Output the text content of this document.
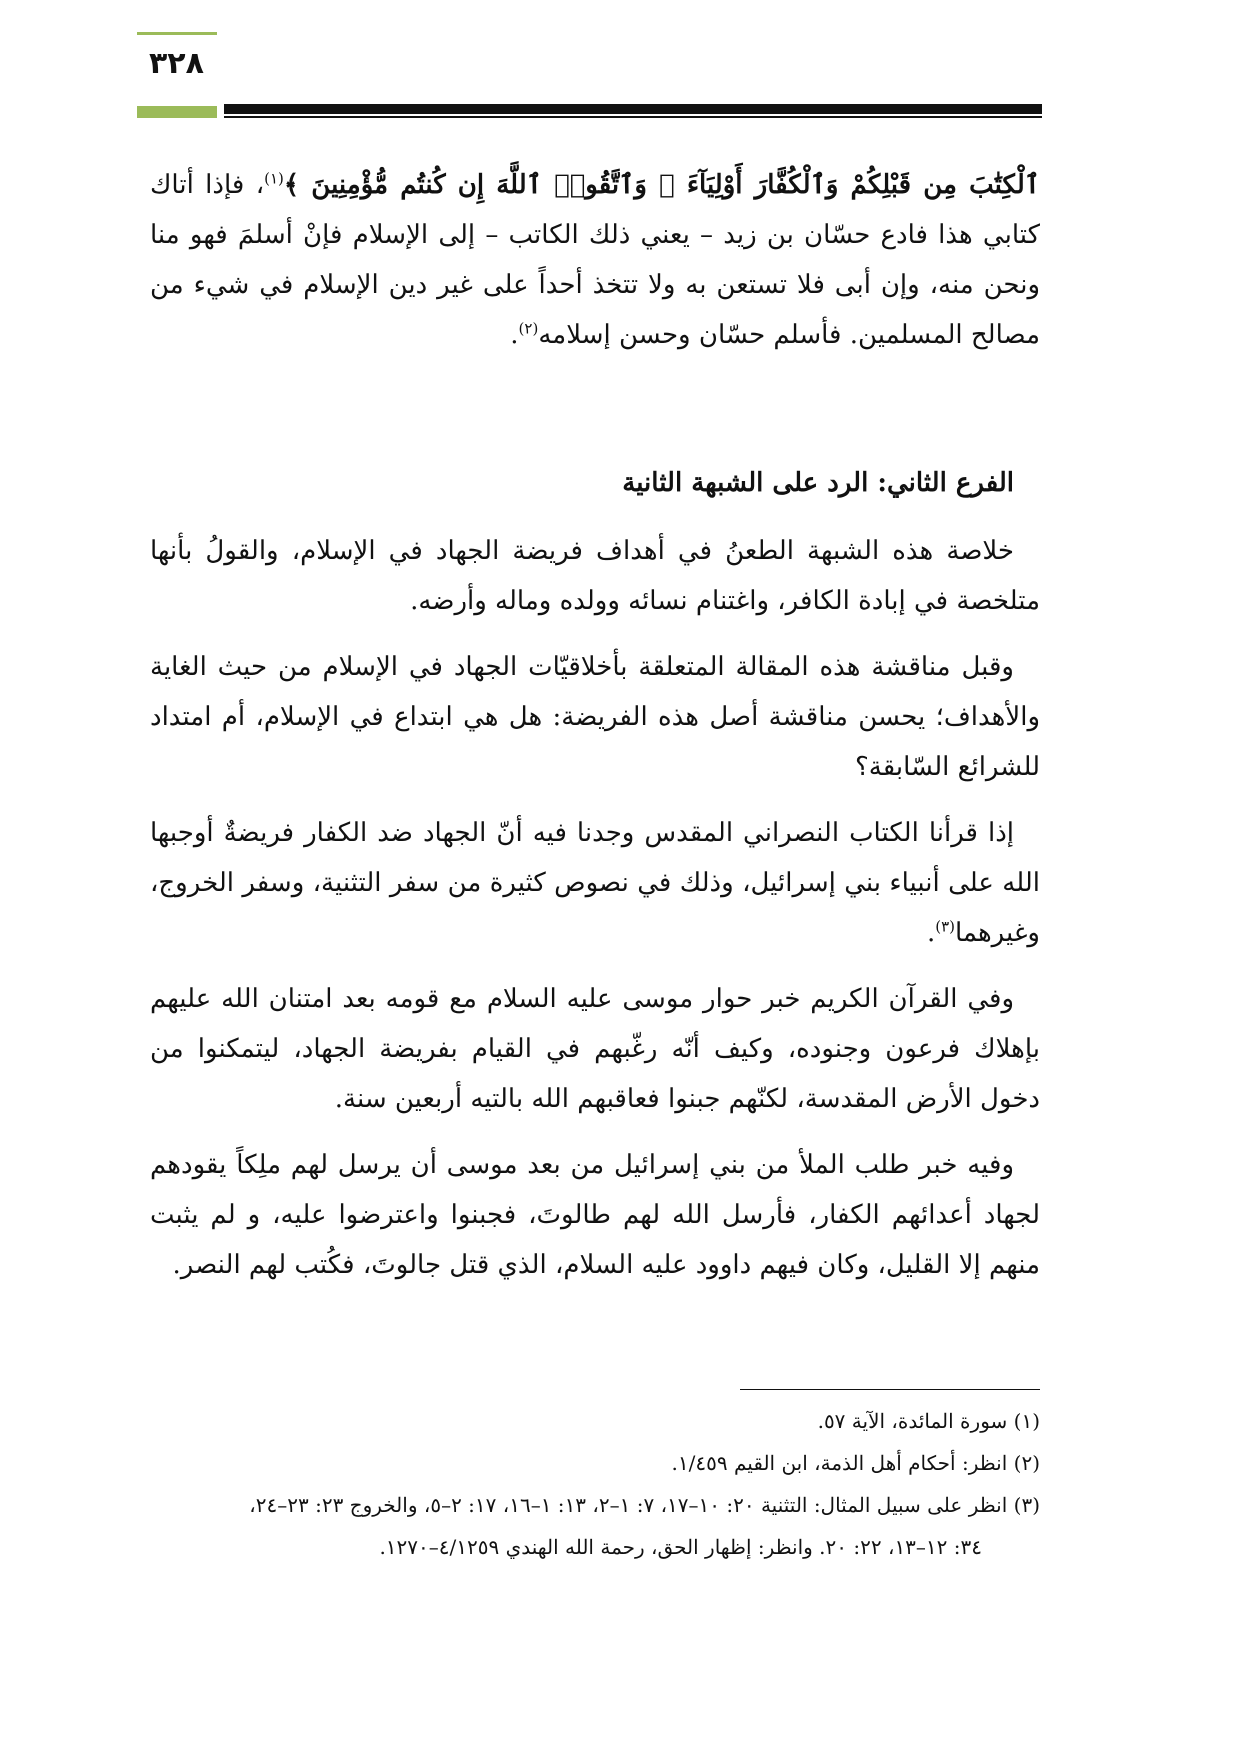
٣٢٨

ٱلْكِتَٰبَ مِن قَبْلِكُمْ وَٱلْكُفَّارَ أَوْلِيَآءَ ۚ وَٱتَّقُوا۟ ٱللَّهَ إِن كُنتُم مُّؤْمِنِينَ ﴾$^{(١)}$، فإذا أتاك كتابي هذا فادع حسّان بن زيد – يعني ذلك الكاتب – إلى الإسلام فإنْ أسلمَ فهو منا ونحن منه، وإن أبى فلا تستعن به ولا تتخذ أحداً على غير دين الإسلام في شيء من مصالح المسلمين. فأسلم حسّان وحسن إسلامه$^{(٢)}$.

الفرع الثاني: الرد على الشبهة الثانية

خلاصة هذه الشبهة الطعنُ في أهداف فريضة الجهاد في الإسلام، والقولُ بأنها متلخصة في إبادة الكافر، واغتنام نسائه وولده وماله وأرضه.

وقبل مناقشة هذه المقالة المتعلقة بأخلاقيّات الجهاد في الإسلام من حيث الغاية والأهداف؛ يحسن مناقشة أصل هذه الفريضة: هل هي ابتداع في الإسلام، أم امتداد للشرائع السّابقة؟

إذا قرأنا الكتاب النصراني المقدس وجدنا فيه أنّ الجهاد ضد الكفار فريضةٌ أوجبها الله على أنبياء بني إسرائيل، وذلك في نصوص كثيرة من سفر التثنية، وسفر الخروج، وغيرهما$^{(٣)}$.

وفي القرآن الكريم خبر حوار موسى عليه السلام مع قومه بعد امتنان الله عليهم بإهلاك فرعون وجنوده، وكيف أنّه رغّبهم في القيام بفريضة الجهاد، ليتمكنوا من دخول الأرض المقدسة، لكنّهم جبنوا فعاقبهم الله بالتيه أربعين سنة.

وفيه خبر طلب الملأ من بني إسرائيل من بعد موسى أن يرسل لهم ملِكاً يقودهم لجهاد أعدائهم الكفار، فأرسل الله لهم طالوتَ، فجبنوا واعترضوا عليه، و لم يثبت منهم إلا القليل، وكان فيهم داوود عليه السلام، الذي قتل جالوتَ، فكُتب لهم النصر.

(١) سورة المائدة، الآية ٥٧.

(٢) انظر: أحكام أهل الذمة، ابن القيم ١/٤٥٩.

(٣) انظر على سبيل المثال: التثنية ٢٠: ١٠–١٧، ٧: ١–٢، ١٣: ١–١٦، ١٧: ٢–٥، والخروج ٢٣: ٢٣–٢٤،

٣٤: ١٢–١٣، ٢٢: ٢٠. وانظر: إظهار الحق، رحمة الله الهندي ٤/١٢٥٩–١٢٧٠.
